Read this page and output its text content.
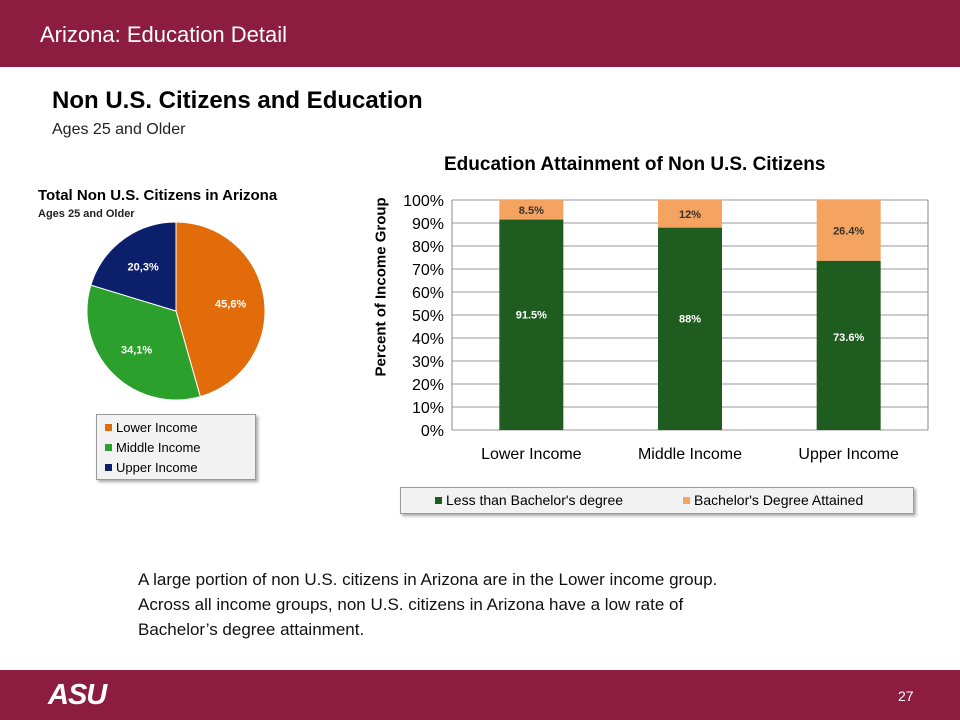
Arizona: Education Detail
Non U.S. Citizens and Education
Ages 25 and Older
Total Non U.S. Citizens in Arizona
Ages 25 and Older
45,6%
34,1%
20,3%
Lower Income
Middle Income
Upper Income
Education Attainment of Non U.S. Citizens
Percent of Income Group
0%
10%
20%
30%
40%
50%
60%
70%
80%
90%
100%
91.5%
8.5%
Lower Income
88%
12%
Middle Income
73.6%
26.4%
Upper Income
Less than Bachelor's degree	Bachelor's Degree Attained
A large portion of non U.S. citizens in Arizona are in the Lower income group. Across all income groups, non U.S. citizens in Arizona have a low rate of Bachelor’s degree attainment.
ASU	27
